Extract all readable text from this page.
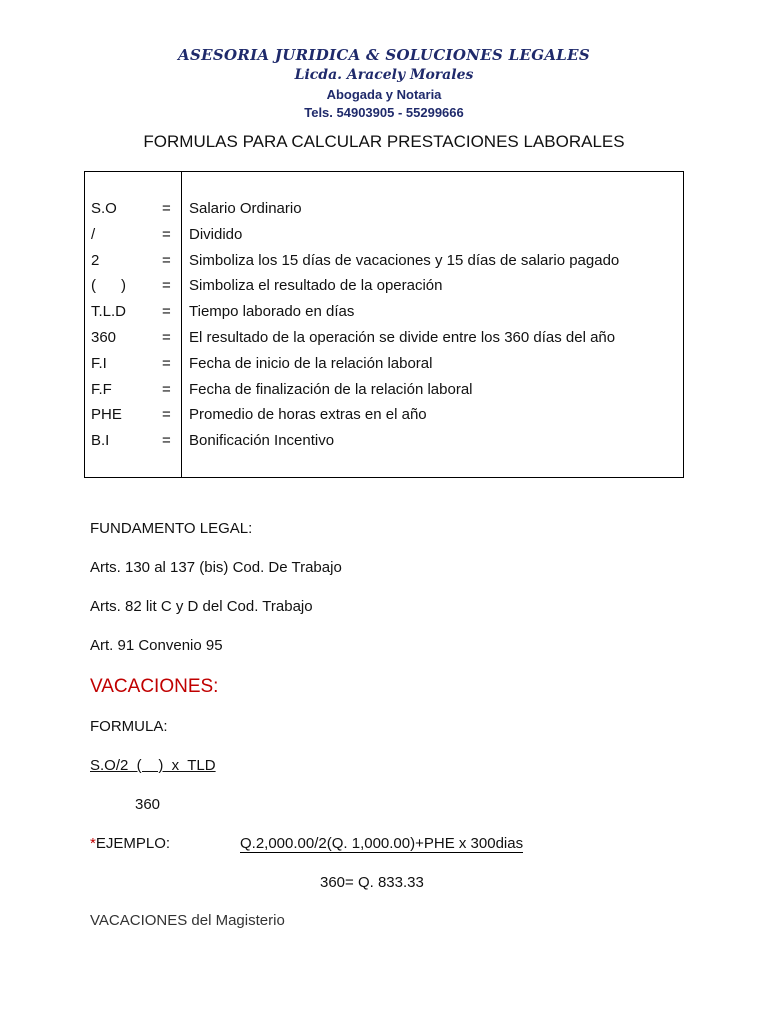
ASESORIA JURIDICA & SOLUCIONES LEGALES
Licda. Aracely Morales
Abogada y Notaria
Tels. 54903905 - 55299666
FORMULAS PARA CALCULAR PRESTACIONES LABORALES
S.O	= Salario Ordinario
/	= Dividido
2	= Simboliza los 15 días de vacaciones y 15 días de salario pagado
(      ) = Simboliza el resultado de la operación
T.L.D = Tiempo laborado en días
360	= El resultado de la operación se divide entre los 360 días del año
F.I	= Fecha de inicio de la relación laboral
F.F	= Fecha de finalización de la relación laboral
PHE	= Promedio de horas extras en el año
B.I	= Bonificación Incentivo
FUNDAMENTO LEGAL:
Arts. 130 al 137 (bis) Cod. De Trabajo
Arts. 82 lit C y D del Cod. Trabajo
Art. 91 Convenio 95
VACACIONES:
FORMULA:
S.O/2  (    )  x  TLD
360
*EJEMPLO:	Q.2,000.00/2(Q. 1,000.00)+PHE x 300dias
360= Q. 833.33
VACACIONES del Magisterio
